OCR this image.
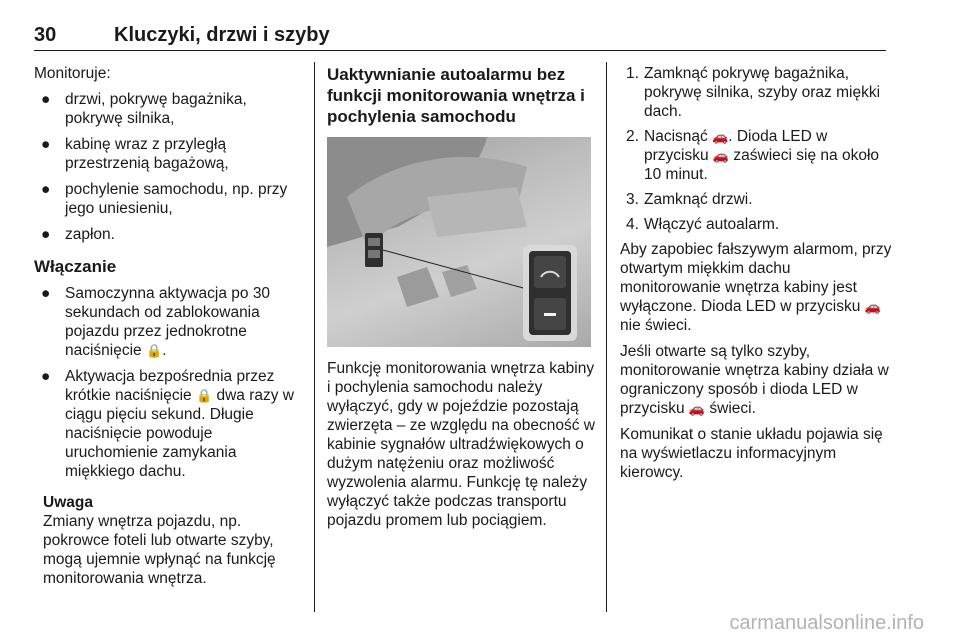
30	Kluczyki, drzwi i szyby

Monitoruje:

● drzwi, pokrywę bagażnika, pokrywę silnika,
● kabinę wraz z przyległą przestrzenią bagażową,
● pochylenie samochodu, np. przy jego uniesieniu,
● zapłon.

Włączanie

● Samoczynna aktywacja po 30 sekundach od zablokowania pojazdu przez jednokrotne naciśnięcie 🔒.
● Aktywacja bezpośrednia przez krótkie naciśnięcie 🔒 dwa razy w ciągu pięciu sekund. Długie naciśnięcie powoduje uruchomienie zamykania miękkiego dachu.

Uwaga

Zmiany wnętrza pojazdu, np. pokrowce foteli lub otwarte szyby, mogą ujemnie wpłynąć na funkcję monitorowania wnętrza.

Uaktywnianie autoalarmu bez funkcji monitorowania wnętrza i pochylenia samochodu

Funkcję monitorowania wnętrza kabiny i pochylenia samochodu należy wyłączyć, gdy w pojeździe pozostają zwierzęta – ze względu na obecność w kabinie sygnałów ultradźwiękowych o dużym natężeniu oraz możliwość wyzwolenia alarmu. Funkcję tę należy wyłączyć także podczas transportu pojazdu promem lub pociągiem.

1. Zamknąć pokrywę bagażnika, pokrywę silnika, szyby oraz miękki dach.
2. Nacisnąć 🚗. Dioda LED w przycisku 🚗 zaświeci się na około 10 minut.
3. Zamknąć drzwi.
4. Włączyć autoalarm.

Aby zapobiec fałszywym alarmom, przy otwartym miękkim dachu monitorowanie wnętrza kabiny jest wyłączone. Dioda LED w przycisku 🚗 nie świeci.

Jeśli otwarte są tylko szyby, monitorowanie wnętrza kabiny działa w ograniczony sposób i dioda LED w przycisku 🚗 świeci.

Komunikat o stanie układu pojawia się na wyświetlaczu informacyjnym kierowcy.

carmanualsonline.info
